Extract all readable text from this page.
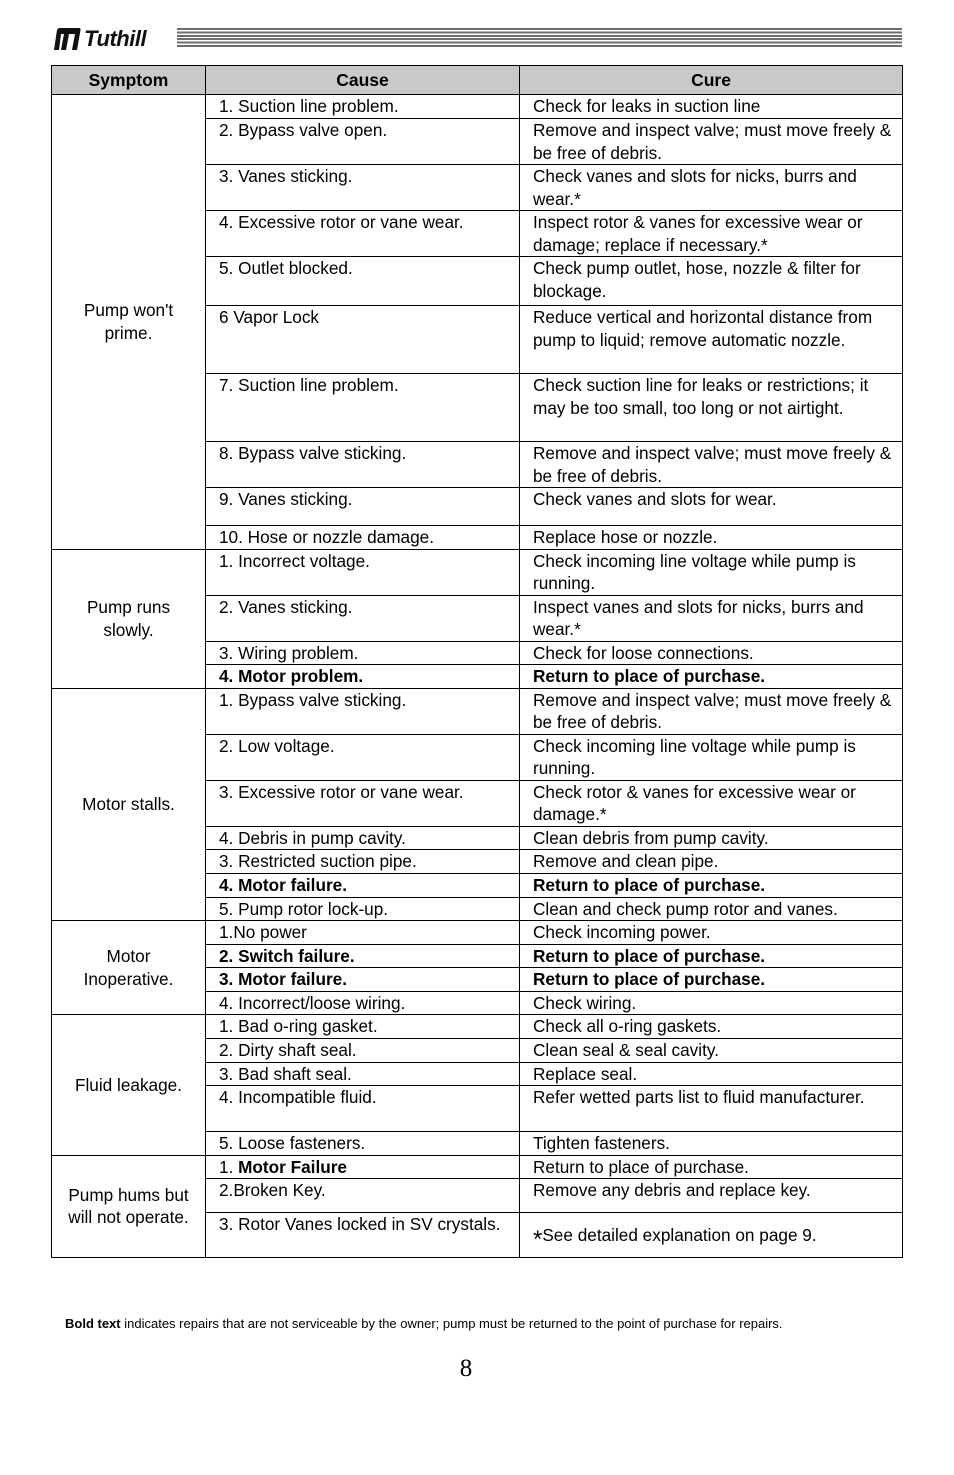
Tuthill
Symptom	Cause	Cure
Pump won't prime.	1. Suction line problem.	Check for leaks in suction line
	2. Bypass valve open.	Remove and inspect valve; must move freely & be free of debris.
	3. Vanes sticking.	Check vanes and slots for nicks, burrs and wear.*
	4. Excessive rotor or vane wear.	Inspect rotor & vanes for excessive wear or damage; replace if necessary.*
	5. Outlet blocked.	Check pump outlet, hose, nozzle & filter for blockage.
	6 Vapor Lock	Reduce vertical and horizontal distance from pump to liquid; remove automatic nozzle.
	7. Suction line problem.	Check suction line for leaks or restrictions; it may be too small, too long or not airtight.
	8. Bypass valve sticking.	Remove and inspect valve; must move freely & be free of debris.
	9. Vanes sticking.	Check vanes and slots for wear.
	10. Hose or nozzle damage.	Replace hose or nozzle.
Pump runs slowly.	1. Incorrect voltage.	Check incoming line voltage while pump is running.
	2. Vanes sticking.	Inspect vanes and slots for nicks, burrs and wear.*
	3. Wiring problem.	Check for loose connections.
	4. Motor problem.	Return to place of purchase.
Motor stalls.	1. Bypass valve sticking.	Remove and inspect valve; must move freely & be free of debris.
	2. Low voltage.	Check incoming line voltage while pump is running.
	3. Excessive rotor or vane wear.	Check rotor & vanes for excessive wear or damage.*
	4. Debris in pump cavity.	Clean debris from pump cavity.
	3. Restricted suction pipe.	Remove and clean pipe.
	4. Motor failure.	Return to place of purchase.
	5. Pump rotor lock-up.	Clean and check pump rotor and vanes.
Motor Inoperative.	1.No power	Check incoming power.
	2. Switch failure.	Return to place of purchase.
	3. Motor failure.	Return to place of purchase.
	4. Incorrect/loose wiring.	Check wiring.
Fluid leakage.	1. Bad o-ring gasket.	Check all o-ring gaskets.
	2. Dirty shaft seal.	Clean seal & seal cavity.
	3. Bad shaft seal.	Replace seal.
	4. Incompatible fluid.	Refer wetted parts list to fluid manufacturer.
	5. Loose fasteners.	Tighten fasteners.
Pump hums but will not operate.	1. Motor Failure	Return to place of purchase.
	2.Broken Key.	Remove any debris and replace key.
	3. Rotor Vanes locked in SV crystals.	*See detailed explanation on page 9.
Bold text indicates repairs that are not serviceable by the owner; pump must be returned to the point of purchase for repairs.
8
